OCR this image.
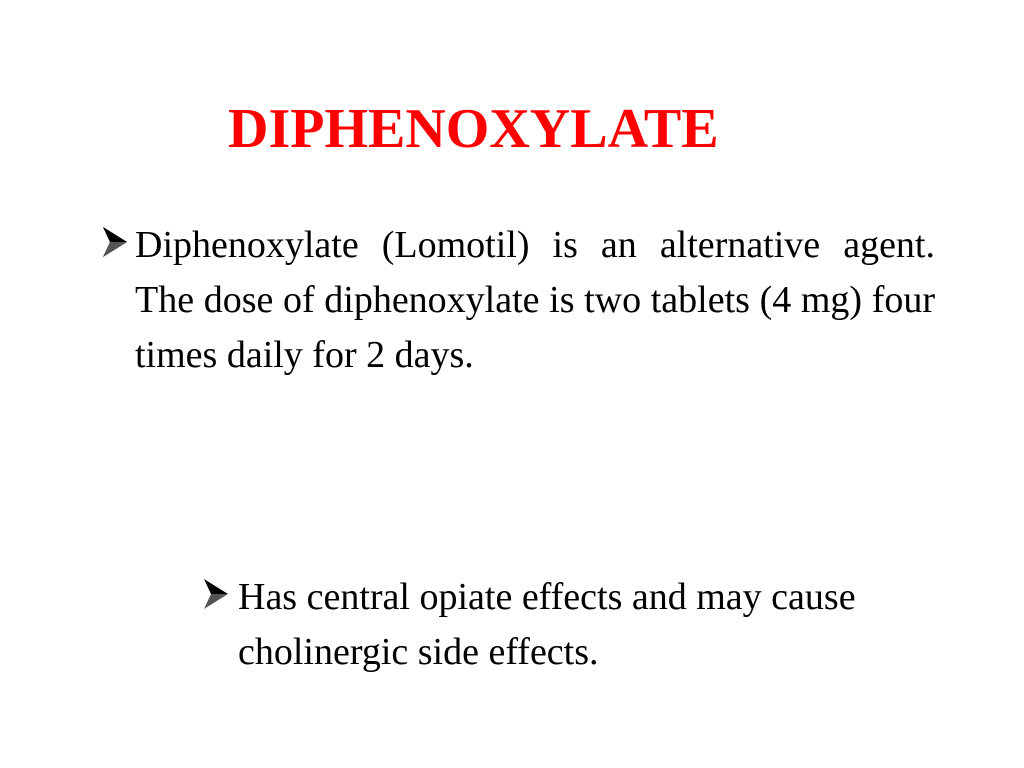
DIPHENOXYLATE

Diphenoxylate (Lomotil) is an alternative agent. The dose of diphenoxylate is two tablets (4 mg) four times daily for 2 days.

Has central opiate effects and may cause cholinergic side effects.
